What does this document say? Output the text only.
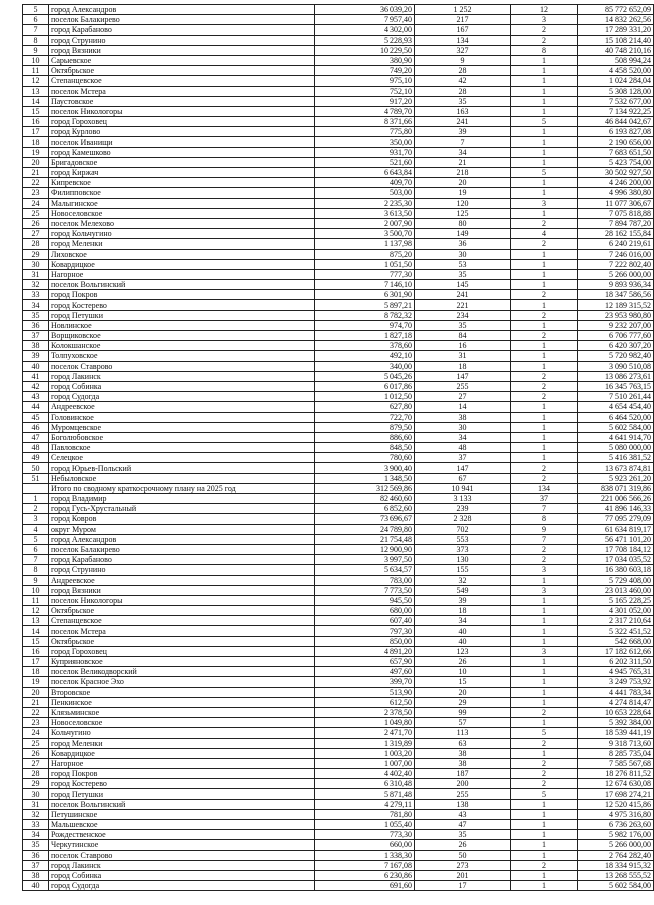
5	город Александров	36 039,20	1 252	12	85 772 652,09
6	поселок Балакирево	7 957,40	217	3	14 832 262,56
7	город Карабаново	4 302,00	167	2	17 289 331,20
8	город Струнино	5 228,93	134	2	15 108 214,40
9	город Вязники	10 229,50	327	8	40 748 210,16
10	Сарыевское	380,90	9	1	508 994,24
11	Октябрьское	749,20	28	1	4 458 520,00
12	Степанцевское	975,10	42	1	1 024 284,04
13	поселок Мстера	752,10	28	1	5 308 128,00
14	Паустовское	917,20	35	1	7 532 677,00
15	поселок Никологоры	4 789,70	163	1	7 134 922,25
16	город Гороховец	8 371,66	241	5	46 844 042,67
17	город Курлово	775,80	39	1	6 193 827,08
18	поселок Иванищи	350,00	7	1	2 190 656,00
19	город Камешково	931,70	34	1	7 683 651,50
20	Бригадовское	521,60	21	1	5 423 754,00
21	город Киржач	6 643,84	218	5	30 502 927,50
22	Кипревское	409,70	20	1	4 246 200,00
23	Филипповское	503,00	19	1	4 996 380,80
24	Малыгинское	2 235,30	120	3	11 077 306,67
25	Новоселовское	3 613,50	125	1	7 075 818,88
26	поселок Мелехово	2 007,90	80	2	7 894 787,20
27	город Кольчугино	3 500,70	149	4	28 162 155,84
28	город Меленки	1 137,98	36	2	6 240 219,61
29	Лиховское	875,20	30	1	7 246 016,00
30	Ковардицкое	1 051,50	53	1	7 222 802,40
31	Нагорное	777,30	35	1	5 266 000,00
32	поселок Вольгинский	7 146,10	145	1	9 893 936,34
33	город Покров	6 301,90	241	2	18 347 586,56
34	город Костерево	5 897,21	221	1	12 189 315,52
35	город Петушки	8 782,32	234	2	23 953 980,80
36	Новлинское	974,70	35	1	9 232 207,00
37	Ворщиковское	1 827,18	84	2	6 706 777,60
38	Колокшанское	378,60	16	1	6 420 307,20
39	Толпуховское	492,10	31	1	5 720 982,40
40	поселок Ставрово	340,00	18	1	3 090 510,08
41	город Лакинск	5 045,26	147	2	13 086 273,61
42	город Собинка	6 017,86	255	2	16 345 763,15
43	город Судогда	1 012,50	27	2	7 510 261,44
44	Андреевское	627,80	14	1	4 654 454,40
45	Головинское	722,70	38	1	6 464 520,00
46	Муромцевское	879,50	30	1	5 602 584,00
47	Боголюбовское	886,60	34	1	4 641 914,70
48	Павловское	848,50	48	1	5 080 000,00
49	Селецкое	780,60	37	1	5 416 381,52
50	город Юрьев-Польский	3 900,40	147	2	13 673 874,81
51	Небыловское	1 348,50	67	2	5 923 261,20
	Итого по сводному краткосрочному плану на 2025 год	312 569,86	10 941	134	838 071 319,86
1	город Владимир	82 460,60	3 133	37	221 006 566,26
2	город Гусь-Хрустальный	6 852,60	239	7	41 896 146,33
3	город Ковров	73 696,67	2 328	8	77 095 279,09
4	округ Муром	24 789,80	702	9	61 634 819,17
5	город Александров	21 754,48	553	7	56 471 101,20
6	поселок Балакирево	12 900,90	373	2	17 708 184,12
7	город Карабаново	3 997,50	130	2	17 034 035,52
8	город Струнино	5 634,57	155	3	16 380 603,18
9	Андреевское	783,00	32	1	5 729 408,00
10	город Вязники	7 773,50	549	3	23 013 460,00
11	поселок Никологоры	945,50	39	1	5 165 228,25
12	Октябрьское	680,00	18	1	4 301 052,00
13	Степанцевское	607,40	34	1	2 317 210,64
14	поселок Мстера	797,30	40	1	5 322 451,52
15	Октябрьское	850,00	40	1	542 668,00
16	город Гороховец	4 891,20	123	3	17 182 612,66
17	Куприяновское	657,90	26	1	6 202 311,50
18	поселок Великодворский	497,60	10	1	4 945 765,31
19	поселок Красное Эхо	399,70	15	1	3 249 753,92
20	Второвское	513,90	20	1	4 441 783,34
21	Пенкинское	612,50	29	1	4 274 814,47
22	Клязьминское	2 378,50	99	2	10 653 228,64
23	Новоселовское	1 049,80	57	1	5 392 384,00
24	Кольчугино	2 471,70	113	5	18 539 441,19
25	город Меленки	1 319,89	63	2	9 318 713,60
26	Ковардицкое	1 003,20	38	1	8 285 735,04
27	Нагорное	1 007,00	38	2	7 585 567,68
28	город Покров	4 402,40	187	2	18 276 811,52
29	город Костерево	6 310,48	200	2	12 674 630,08
30	город Петушки	5 871,48	255	5	17 698 274,21
31	поселок Вольгинский	4 279,11	138	1	12 520 415,86
32	Петушинское	781,80	43	1	4 975 316,80
33	Мальшевское	1 055,40	47	1	6 736 263,60
34	Рождественское	773,30	35	1	5 982 176,00
35	Черкутинское	660,00	26	1	5 266 000,00
36	поселок Ставрово	1 338,30	50	1	2 764 282,40
37	город Лакинск	7 167,08	273	2	18 334 915,32
38	город Собинка	6 230,86	201	1	13 268 555,52
40	город Судогда	691,60	17	1	5 602 584,00
